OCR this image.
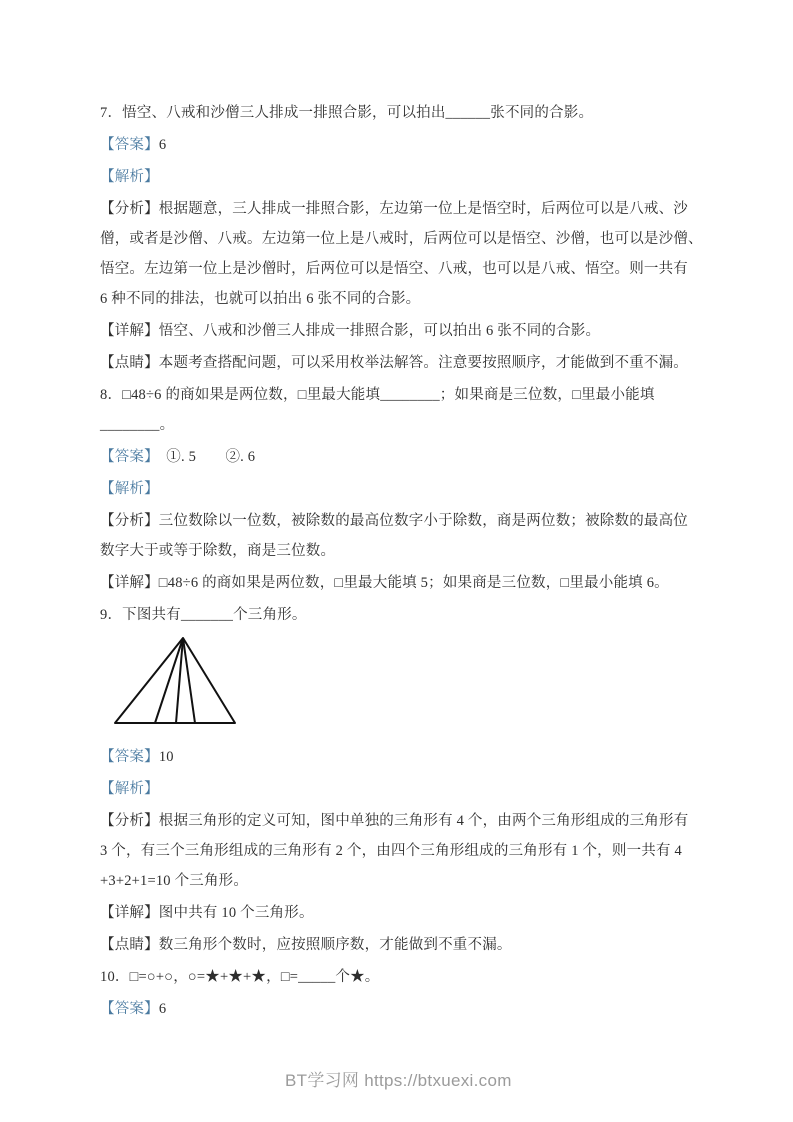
7．悟空、八戒和沙僧三人排成一排照合影，可以拍出______张不同的合影。
【答案】6
【解析】
【分析】根据题意，三人排成一排照合影，左边第一位上是悟空时，后两位可以是八戒、沙
僧，或者是沙僧、八戒。左边第一位上是八戒时，后两位可以是悟空、沙僧，也可以是沙僧、
悟空。左边第一位上是沙僧时，后两位可以是悟空、八戒，也可以是八戒、悟空。则一共有
6 种不同的排法，也就可以拍出 6 张不同的合影。
【详解】悟空、八戒和沙僧三人排成一排照合影，可以拍出 6 张不同的合影。
【点睛】本题考查搭配问题，可以采用枚举法解答。注意要按照顺序，才能做到不重不漏。
8．□48÷6 的商如果是两位数，□里最大能填________；如果商是三位数，□里最小能填
________。
【答案】　①. 5　　②. 6
【解析】
【分析】三位数除以一位数，被除数的最高位数字小于除数，商是两位数；被除数的最高位
数字大于或等于除数，商是三位数。
【详解】□48÷6 的商如果是两位数，□里最大能填 5；如果商是三位数，□里最小能填 6。
9．下图共有_______个三角形。
【答案】10
【解析】
【分析】根据三角形的定义可知，图中单独的三角形有 4 个，由两个三角形组成的三角形有
3 个，有三个三角形组成的三角形有 2 个，由四个三角形组成的三角形有 1 个，则一共有 4
+3+2+1=10 个三角形。
【详解】图中共有 10 个三角形。
【点睛】数三角形个数时，应按照顺序数，才能做到不重不漏。
10．□=○+○，○=★+★+★，□=_____个★。
【答案】6
BT学习网 https://btxuexi.com
